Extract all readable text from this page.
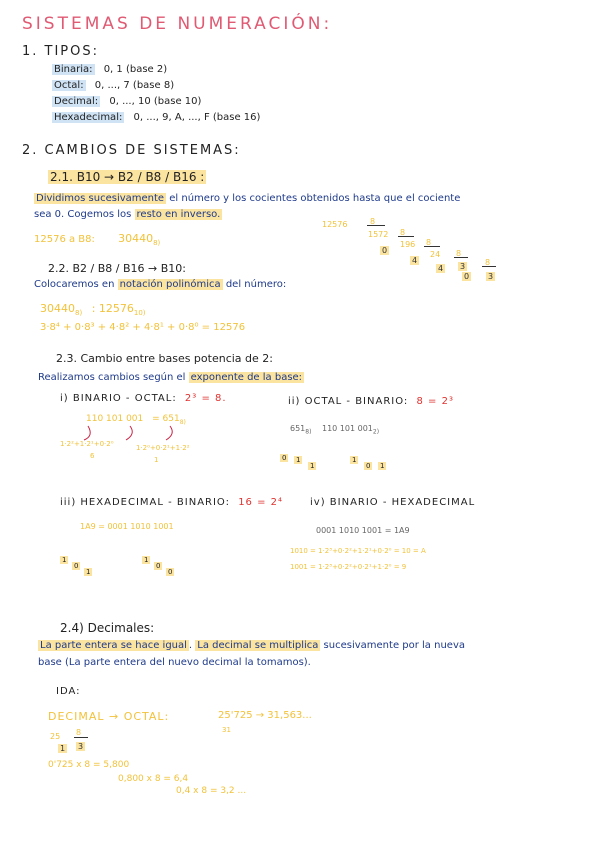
SISTEMAS DE NUMERACIÓN:
1. TIPOS:
Binaria: 0, 1 (base 2)
Octal: 0, ..., 7 (base 8)
Decimal: 0, ..., 10 (base 10)
Hexadecimal: 0, ..., 9, A, ..., F (base 16)
2. CAMBIOS DE SISTEMAS:
2.1. B10 → B2 / B8 / B16 :
Dividimos sucesivamente el número y los cocientes obtenidos hasta que el cociente
sea 0. Cogemos los resto en inverso.
12576 a B8: $30440_{8)}$
12576	8
1572
0
8
196
4
8
24
4
8
3
0
8
3
2.2. B2 / B8 / B16 → B10:
Colocaremos en notación polinómica del número:
$30440_{8)}$ : $12576_{10)}$
3·8⁴ + 0·8³ + 4·8² + 4·8¹ + 0·8⁰ = 12576
2.3. Cambio entre bases potencia de 2:
Realizamos cambios según el exponente de la base:
i) BINARIO - OCTAL: 2³ = 8.
110 101 $001 = 651_{8)}$
1·2²+1·2¹+0·2⁰
6
1·2⁰+0·2¹+1·2²
1
ii) OCTAL - BINARIO: 8 = 2³
$651_{8)}$ 110 101 $001_{2)}$
0 1
1
1
0 1
iii) HEXADECIMAL - BINARIO: 16 = 2⁴
1A9 = 0001 1010 1001
1
0
1
1
0
0
iv) BINARIO - HEXADECIMAL
0001 1010 1001 = 1A9
1010 = 1·2³+0·2²+1·2¹+0·2⁰ = 10 = A
1001 = 1·2³+0·2²+0·2¹+1·2⁰ = 9
2.4) Decimales:
La parte entera se hace igual . La decimal se multiplica sucesivamente por la nueva
base (La parte entera del nuevo decimal la tomamos).
IDA:
DECIMAL → OCTAL:	25'725 → 31,563...
31
25 8
1 3
0'725 x 8 = 5,800
0,800 x 8 = 6,4
0,4 x 8 = 3,2 ...
